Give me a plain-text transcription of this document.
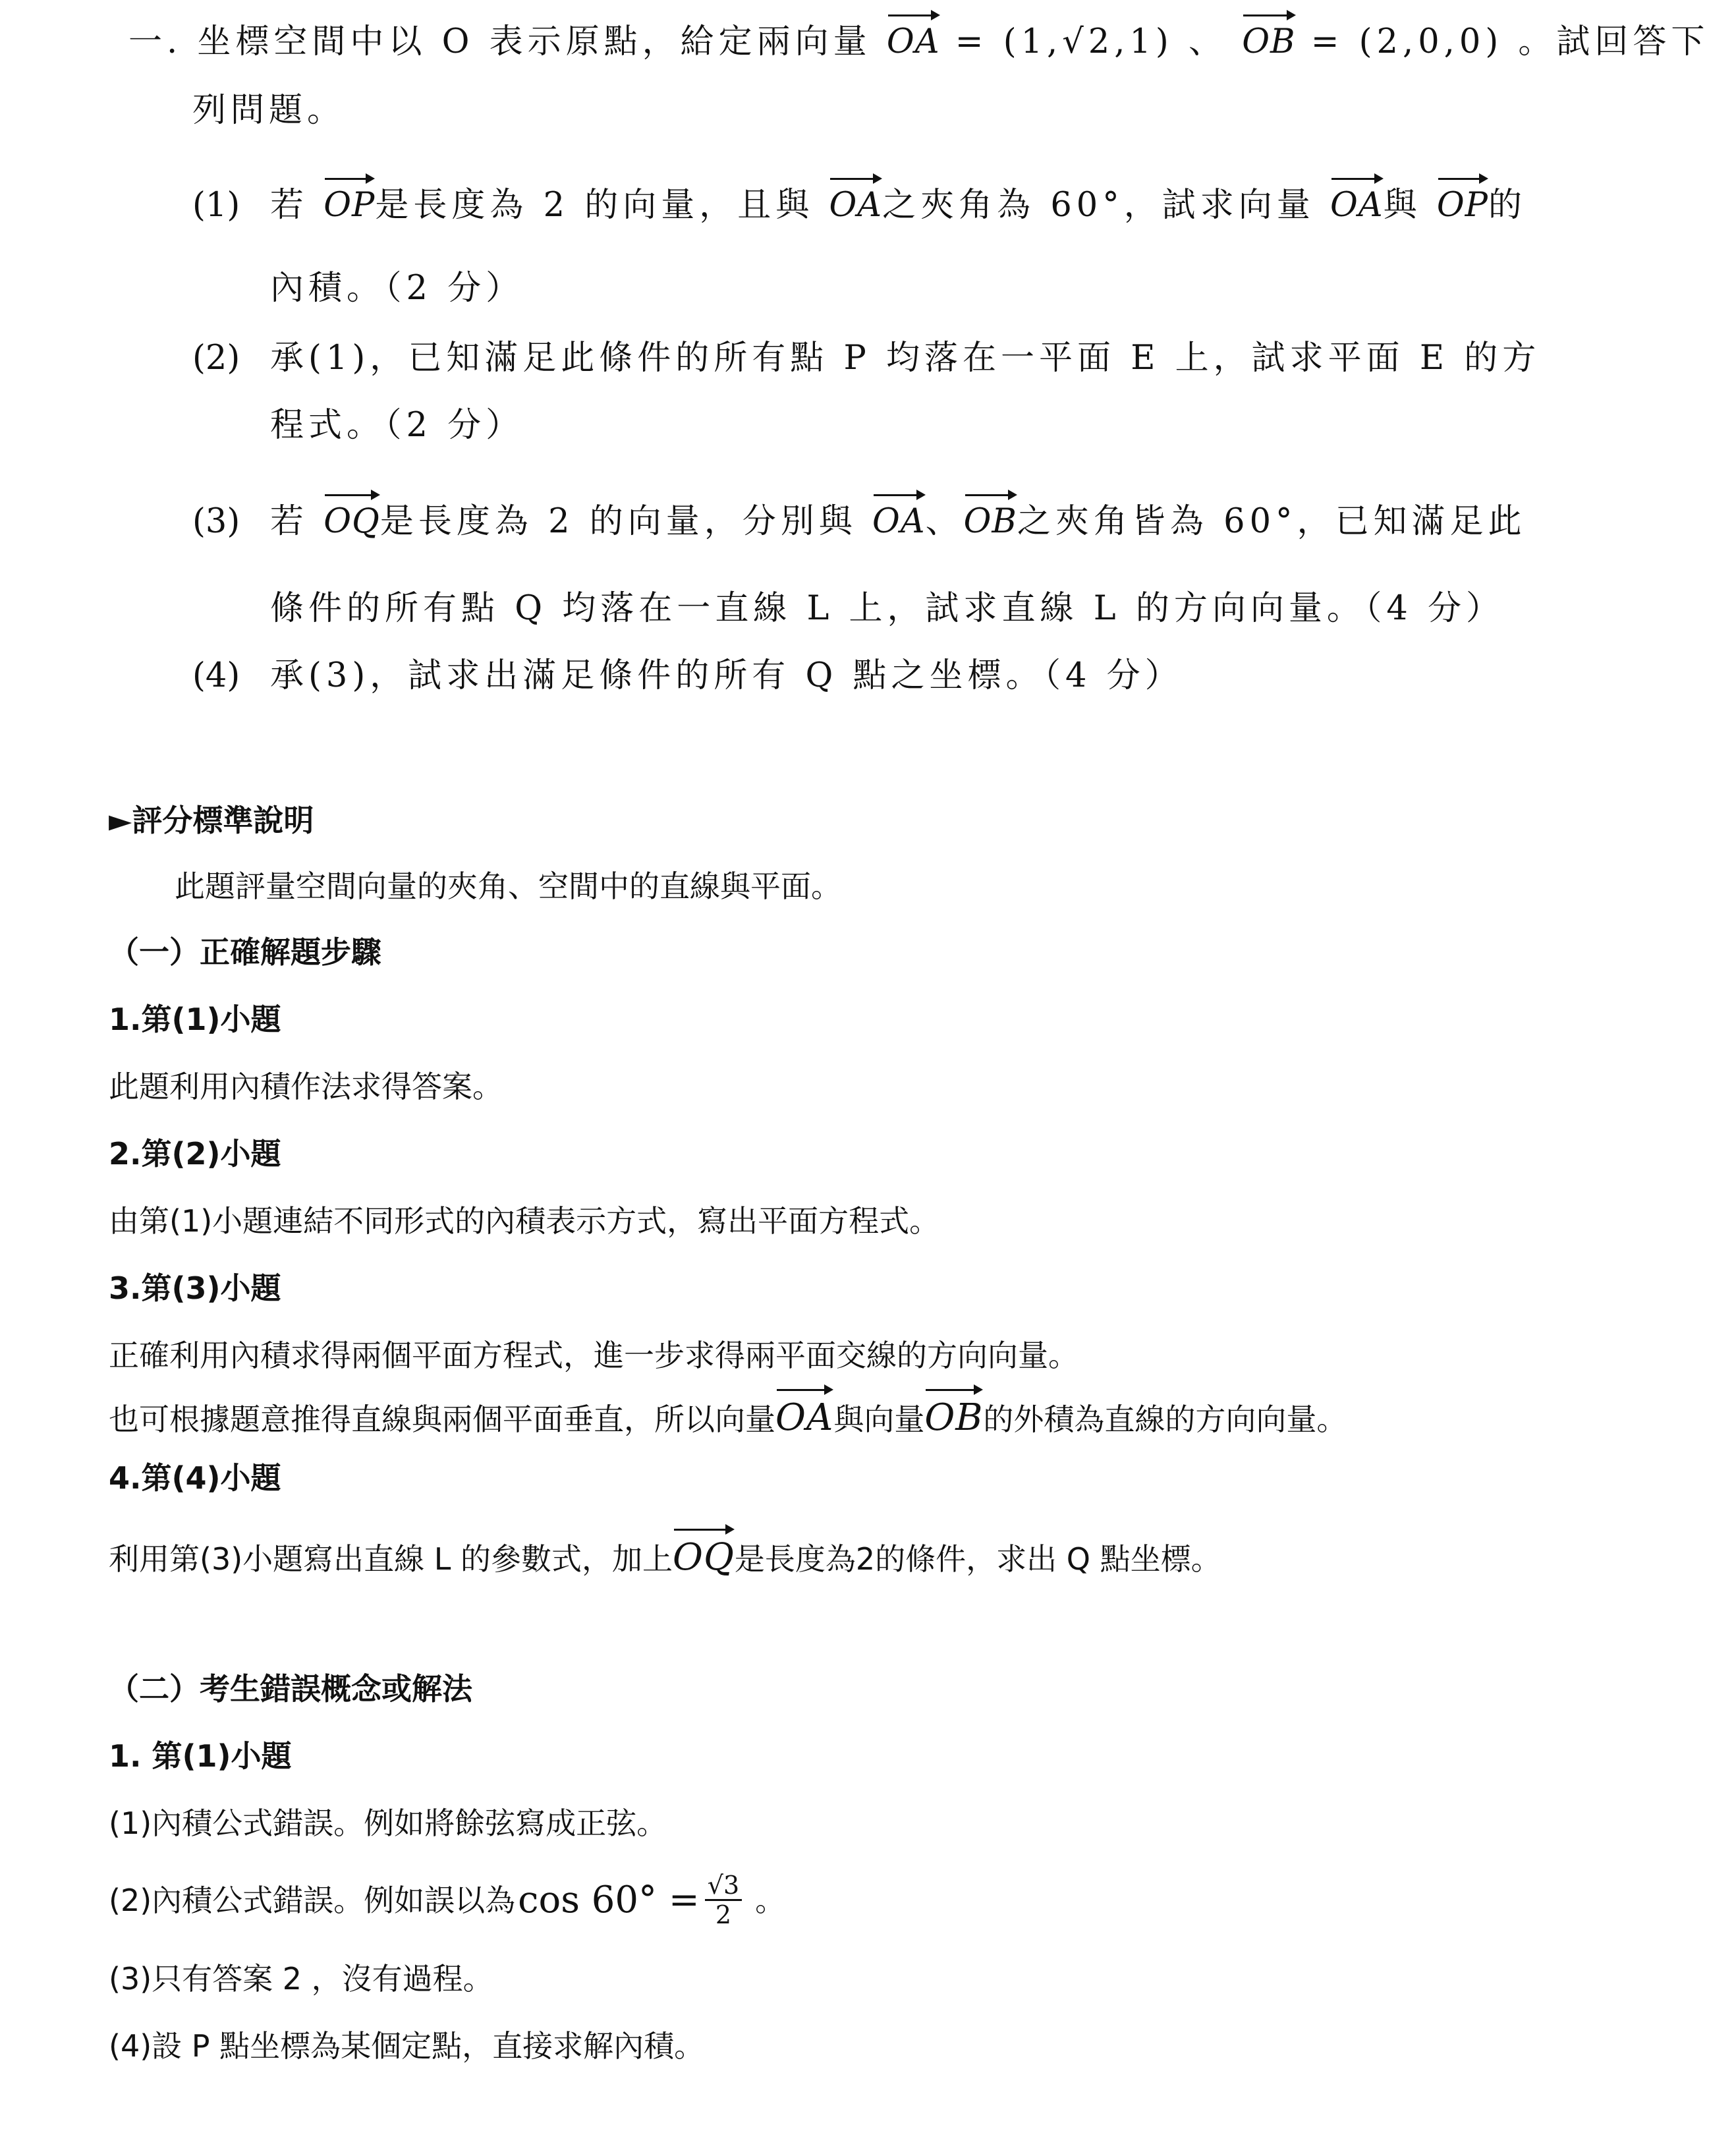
一. 坐標空間中以 O 表示原點，給定兩向量 OA = (1,√2,1) 、 OB = (2,0,0) 。試回答下
列問題。
(1) 若 OP是長度為 2 的向量，且與 OA之夾角為 60°，試求向量 OA與 OP的
內積。（2 分）
(2) 承(1)，已知滿足此條件的所有點 P 均落在一平面 E 上，試求平面 E 的方
程式。（2 分）
(3) 若 OQ是長度為 2 的向量，分別與 OA、OB之夾角皆為 60°，已知滿足此
條件的所有點 Q 均落在一直線 L 上，試求直線 L 的方向向量。（4 分）
(4) 承(3)，試求出滿足條件的所有 Q 點之坐標。（4 分）
►評分標準說明
此題評量空間向量的夾角、空間中的直線與平面。
（一）正確解題步驟
1.第(1)小題
此題利用內積作法求得答案。
2.第(2)小題
由第(1)小題連結不同形式的內積表示方式，寫出平面方程式。
3.第(3)小題
正確利用內積求得兩個平面方程式，進一步求得兩平面交線的方向向量。
也可根據題意推得直線與兩個平面垂直，所以向量OA與向量OB的外積為直線的方向向量。
4.第(4)小題
利用第(3)小題寫出直線 L 的參數式，加上OQ是長度為2的條件，求出 Q 點坐標。
（二）考生錯誤概念或解法
1. 第(1)小題
(1)內積公式錯誤。例如將餘弦寫成正弦。
(2)內積公式錯誤。例如誤以為 $\cos 60^\circ = \frac{√3}{2}$ 。
(3)只有答案 2 ，沒有過程。
(4)設 P 點坐標為某個定點，直接求解內積。
